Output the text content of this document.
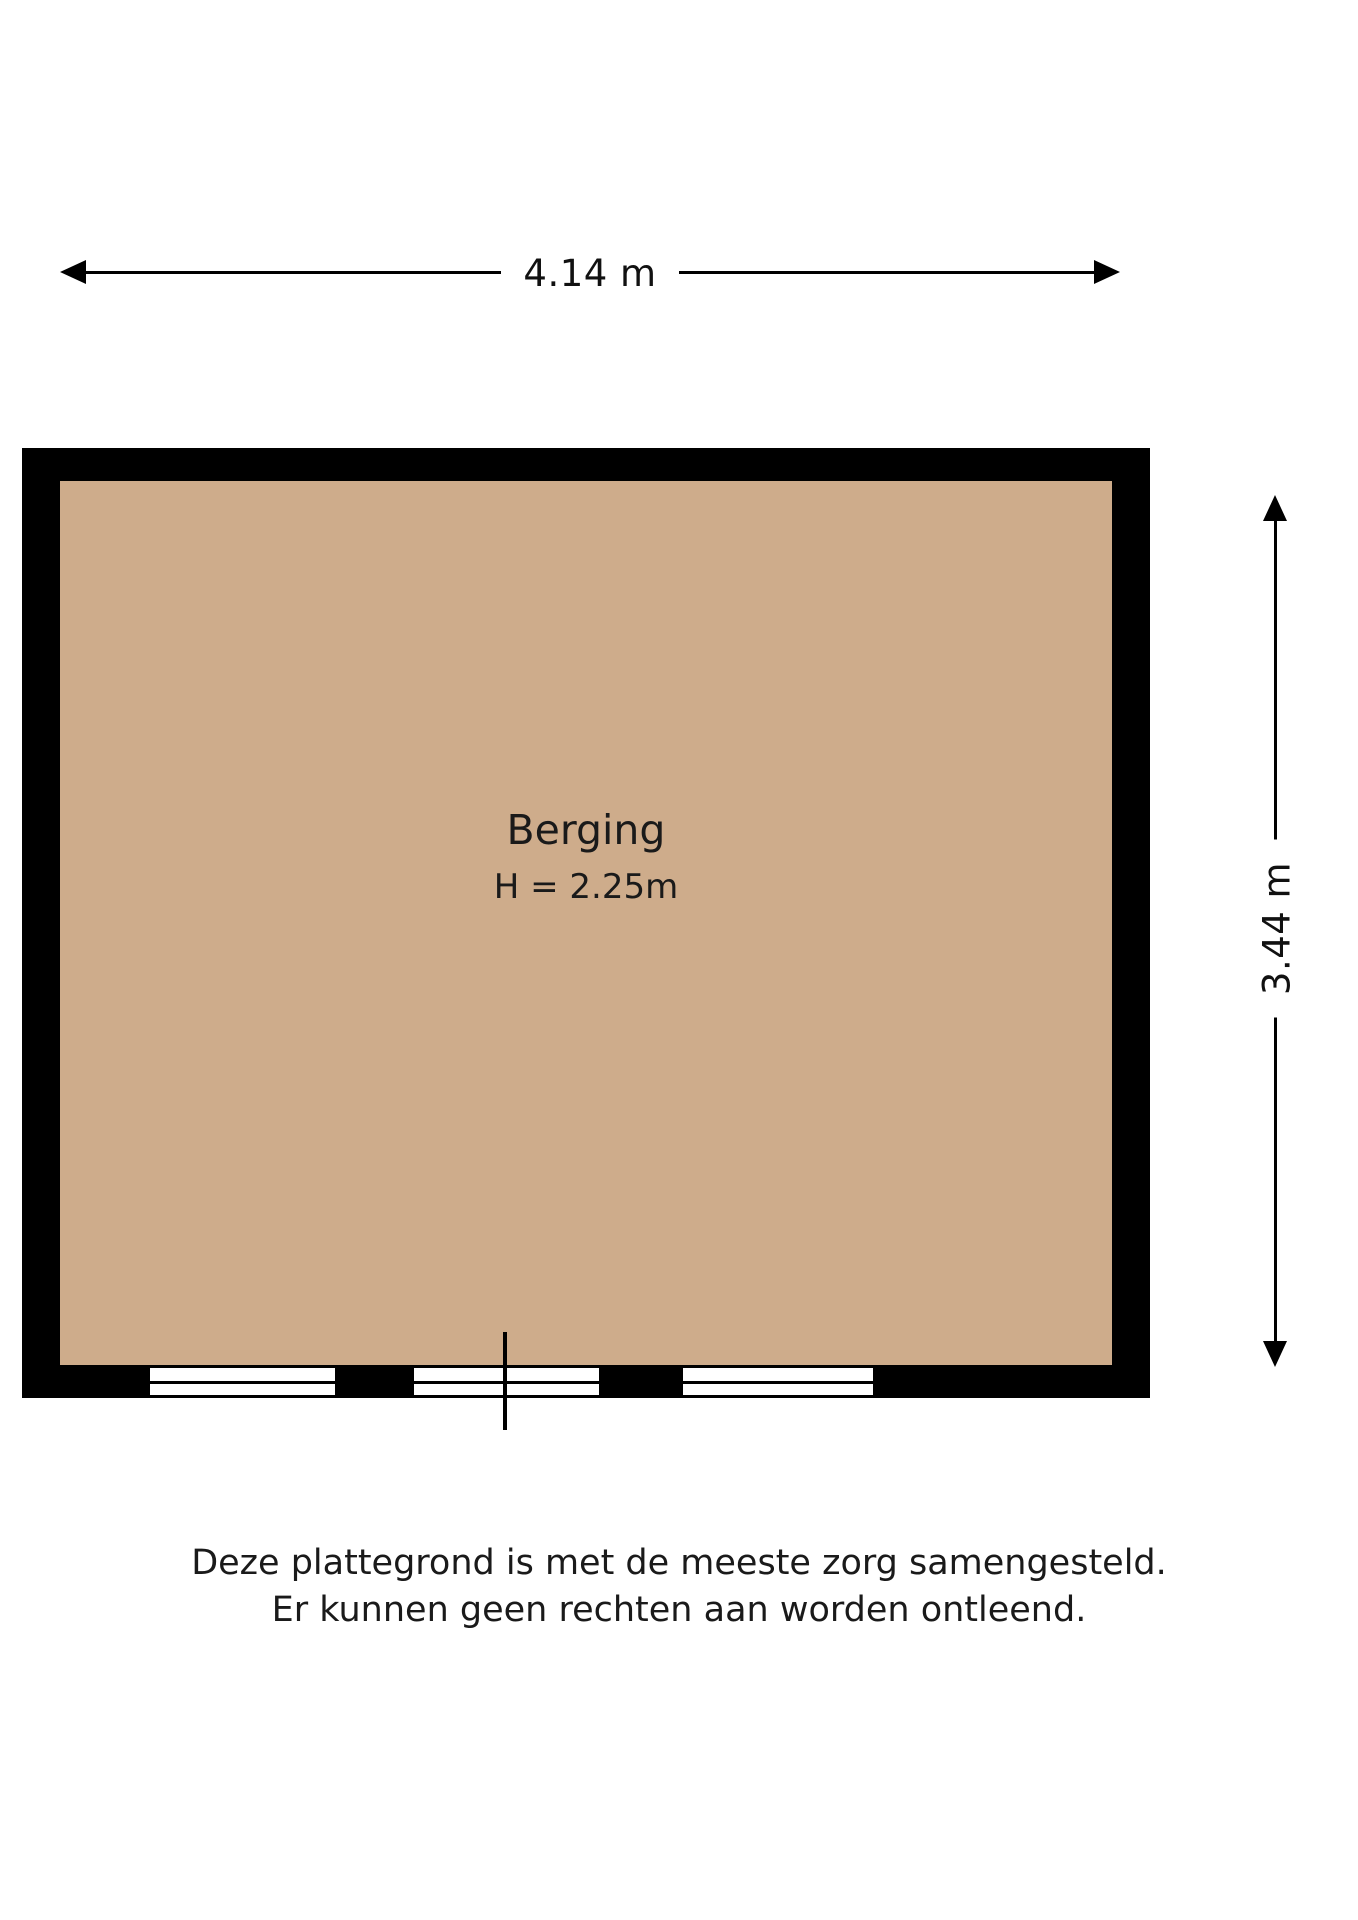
4.14 m
3.44 m
Berging
H = 2.25m
Deze plattegrond is met de meeste zorg samengesteld.
Er kunnen geen rechten aan worden ontleend.
